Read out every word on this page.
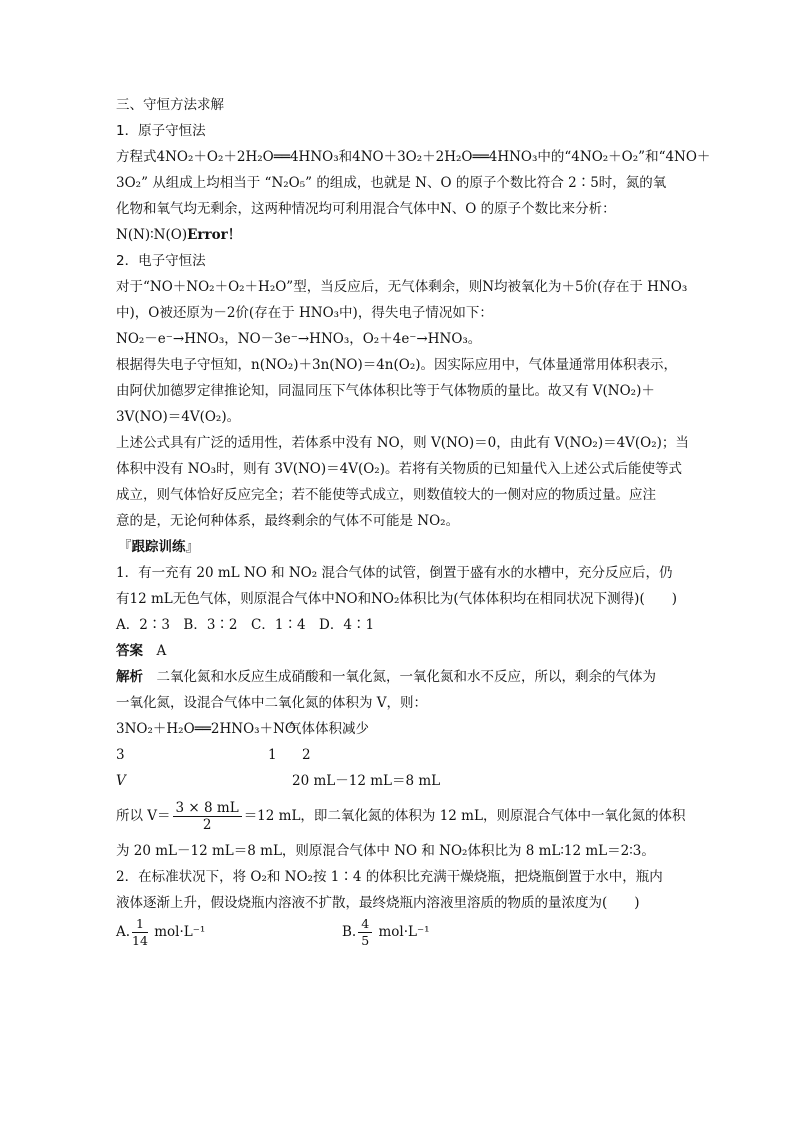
三、守恒方法求解
1．原子守恒法
方程式4NO₂＋O₂＋2H₂O══4HNO₃和4NO＋3O₂＋2H₂O══4HNO₃中的“4NO₂＋O₂”和“4NO＋
3O₂” 从组成上均相当于 “N₂O₅” 的组成，也就是 N、O 的原子个数比符合 2∶5时，氮的氧
化物和氧气均无剩余，这两种情况均可利用混合气体中N、O 的原子个数比来分析：
N(N)∶N(O)Error！
2．电子守恒法
对于“NO＋NO₂＋O₂＋H₂O”型，当反应后，无气体剩余，则N均被氧化为＋5价(存在于 HNO₃
中)，O被还原为－2价(存在于 HNO₃中)，得失电子情况如下：
NO₂－e⁻→HNO₃，NO－3e⁻→HNO₃，O₂＋4e⁻→HNO₃。
根据得失电子守恒知，n(NO₂)＋3n(NO)＝4n(O₂)。因实际应用中，气体量通常用体积表示，
由阿伏加德罗定律推论知，同温同压下气体体积比等于气体物质的量比。故又有 V(NO₂)＋
3V(NO)＝4V(O₂)。
上述公式具有广泛的适用性，若体系中没有 NO，则 V(NO)＝0，由此有 V(NO₂)＝4V(O₂)；当
体积中没有 NO₃时，则有 3V(NO)＝4V(O₂)。若将有关物质的已知量代入上述公式后能使等式
成立，则气体恰好反应完全；若不能使等式成立，则数值较大的一侧对应的物质过量。应注
意的是，无论何种体系，最终剩余的气体不可能是 NO₂。
『跟踪训练』
1．有一充有 20 mL NO 和 NO₂ 混合气体的试管，倒置于盛有水的水槽中，充分反应后，仍
有12 mL无色气体，则原混合气体中NO和NO₂体积比为(气体体积均在相同状况下测得)(　　)
A．2∶3　B．3∶2　C．1∶4　D．4∶1
答案　 A
解析　 二氧化氮和水反应生成硝酸和一氧化氮，一氧化氮和水不反应，所以，剩余的气体为
一氧化氮，设混合气体中二氧化氮的体积为 V，则：
3NO₂＋H₂O══2HNO₃＋NO
气体体积减少
3	1 2
V	20 mL－12 mL＝8 mL
所以 $V= \frac{3 \times 8 mL}{2} =12$ mL，即二氧化氮的体积为 12 mL，则原混合气体中一氧化氮的体积
为 20 mL－12 mL＝8 mL，则原混合气体中 NO 和 NO₂体积比为 8 mL∶12 mL＝2∶3。
2．在标准状况下，将 O₂和 NO₂按 1∶4 的体积比充满干燥烧瓶，把烧瓶倒置于水中，瓶内
液体逐渐上升，假设烧瓶内溶液不扩散，最终烧瓶内溶液里溶质的物质的量浓度为(　　)
A. $\frac{1}{14} mol\cdot L^{-1}$	B. $\frac{4}{5} mol\cdot L^{-1}$
